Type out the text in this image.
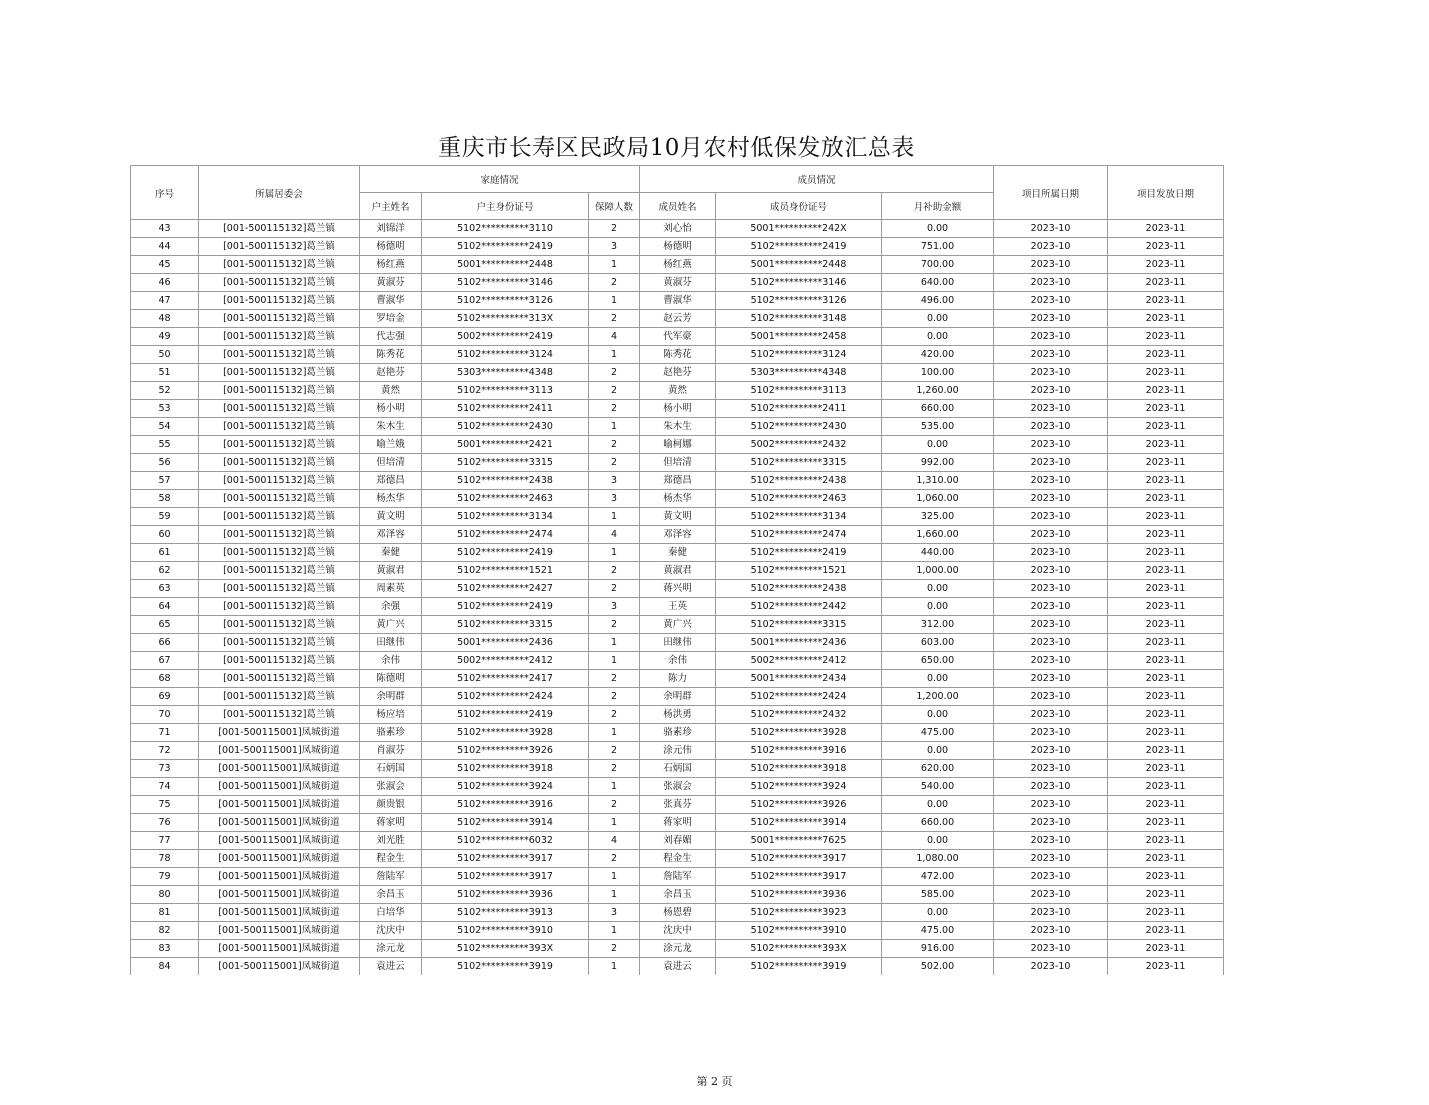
重庆市长寿区民政局10月农村低保发放汇总表
序号	所属居委会	家庭情况			成员情况			项目所属日期	项目发放日期
		户主姓名	户主身份证号	保障人数	成员姓名	成员身份证号	月补助金额		
43	[001-500115132]葛兰镇	刘锦洋	5102**********3110	2	刘心怡	5001**********242X	0.00	2023-10	2023-11
44	[001-500115132]葛兰镇	杨德明	5102**********2419	3	杨德明	5102**********2419	751.00	2023-10	2023-11
45	[001-500115132]葛兰镇	杨红燕	5001**********2448	1	杨红燕	5001**********2448	700.00	2023-10	2023-11
46	[001-500115132]葛兰镇	黄淑芬	5102**********3146	2	黄淑芬	5102**********3146	640.00	2023-10	2023-11
47	[001-500115132]葛兰镇	曹淑华	5102**********3126	1	曹淑华	5102**********3126	496.00	2023-10	2023-11
48	[001-500115132]葛兰镇	罗培金	5102**********313X	2	赵云芳	5102**********3148	0.00	2023-10	2023-11
49	[001-500115132]葛兰镇	代志强	5002**********2419	4	代军豪	5001**********2458	0.00	2023-10	2023-11
50	[001-500115132]葛兰镇	陈秀花	5102**********3124	1	陈秀花	5102**********3124	420.00	2023-10	2023-11
51	[001-500115132]葛兰镇	赵艳芬	5303**********4348	2	赵艳芬	5303**********4348	100.00	2023-10	2023-11
52	[001-500115132]葛兰镇	黄然	5102**********3113	2	黄然	5102**********3113	1,260.00	2023-10	2023-11
53	[001-500115132]葛兰镇	杨小明	5102**********2411	2	杨小明	5102**********2411	660.00	2023-10	2023-11
54	[001-500115132]葛兰镇	朱木生	5102**********2430	1	朱木生	5102**********2430	535.00	2023-10	2023-11
55	[001-500115132]葛兰镇	喻兰娥	5001**********2421	2	喻柯娜	5002**********2432	0.00	2023-10	2023-11
56	[001-500115132]葛兰镇	但培清	5102**********3315	2	但培清	5102**********3315	992.00	2023-10	2023-11
57	[001-500115132]葛兰镇	郑德昌	5102**********2438	3	郑德昌	5102**********2438	1,310.00	2023-10	2023-11
58	[001-500115132]葛兰镇	杨杰华	5102**********2463	3	杨杰华	5102**********2463	1,060.00	2023-10	2023-11
59	[001-500115132]葛兰镇	黄文明	5102**********3134	1	黄文明	5102**********3134	325.00	2023-10	2023-11
60	[001-500115132]葛兰镇	邓泽容	5102**********2474	4	邓泽容	5102**********2474	1,660.00	2023-10	2023-11
61	[001-500115132]葛兰镇	秦健	5102**********2419	1	秦健	5102**********2419	440.00	2023-10	2023-11
62	[001-500115132]葛兰镇	黄淑君	5102**********1521	2	黄淑君	5102**********1521	1,000.00	2023-10	2023-11
63	[001-500115132]葛兰镇	周素英	5102**********2427	2	蒋兴明	5102**********2438	0.00	2023-10	2023-11
64	[001-500115132]葛兰镇	余强	5102**********2419	3	王英	5102**********2442	0.00	2023-10	2023-11
65	[001-500115132]葛兰镇	黄广兴	5102**********3315	2	黄广兴	5102**********3315	312.00	2023-10	2023-11
66	[001-500115132]葛兰镇	田继伟	5001**********2436	1	田继伟	5001**********2436	603.00	2023-10	2023-11
67	[001-500115132]葛兰镇	余伟	5002**********2412	1	余伟	5002**********2412	650.00	2023-10	2023-11
68	[001-500115132]葛兰镇	陈德明	5102**********2417	2	陈力	5001**********2434	0.00	2023-10	2023-11
69	[001-500115132]葛兰镇	余明群	5102**********2424	2	余明群	5102**********2424	1,200.00	2023-10	2023-11
70	[001-500115132]葛兰镇	杨应培	5102**********2419	2	杨洪勇	5102**********2432	0.00	2023-10	2023-11
71	[001-500115001]凤城街道	骆素珍	5102**********3928	1	骆素珍	5102**********3928	475.00	2023-10	2023-11
72	[001-500115001]凤城街道	肖淑芬	5102**********3926	2	涂元伟	5102**********3916	0.00	2023-10	2023-11
73	[001-500115001]凤城街道	石炳国	5102**********3918	2	石炳国	5102**********3918	620.00	2023-10	2023-11
74	[001-500115001]凤城街道	张淑会	5102**********3924	1	张淑会	5102**********3924	540.00	2023-10	2023-11
75	[001-500115001]凤城街道	颜贵银	5102**********3916	2	张真芬	5102**********3926	0.00	2023-10	2023-11
76	[001-500115001]凤城街道	蒋家明	5102**********3914	1	蒋家明	5102**********3914	660.00	2023-10	2023-11
77	[001-500115001]凤城街道	刘光胜	5102**********6032	4	刘春媚	5001**********7625	0.00	2023-10	2023-11
78	[001-500115001]凤城街道	程金生	5102**********3917	2	程金生	5102**********3917	1,080.00	2023-10	2023-11
79	[001-500115001]凤城街道	詹陆军	5102**********3917	1	詹陆军	5102**********3917	472.00	2023-10	2023-11
80	[001-500115001]凤城街道	余昌玉	5102**********3936	1	余昌玉	5102**********3936	585.00	2023-10	2023-11
81	[001-500115001]凤城街道	白培华	5102**********3913	3	杨恩碧	5102**********3923	0.00	2023-10	2023-11
82	[001-500115001]凤城街道	沈庆中	5102**********3910	1	沈庆中	5102**********3910	475.00	2023-10	2023-11
83	[001-500115001]凤城街道	涂元龙	5102**********393X	2	涂元龙	5102**********393X	916.00	2023-10	2023-11
84	[001-500115001]凤城街道	袁进云	5102**********3919	1	袁进云	5102**********3919	502.00	2023-10	2023-11
第 2 页
